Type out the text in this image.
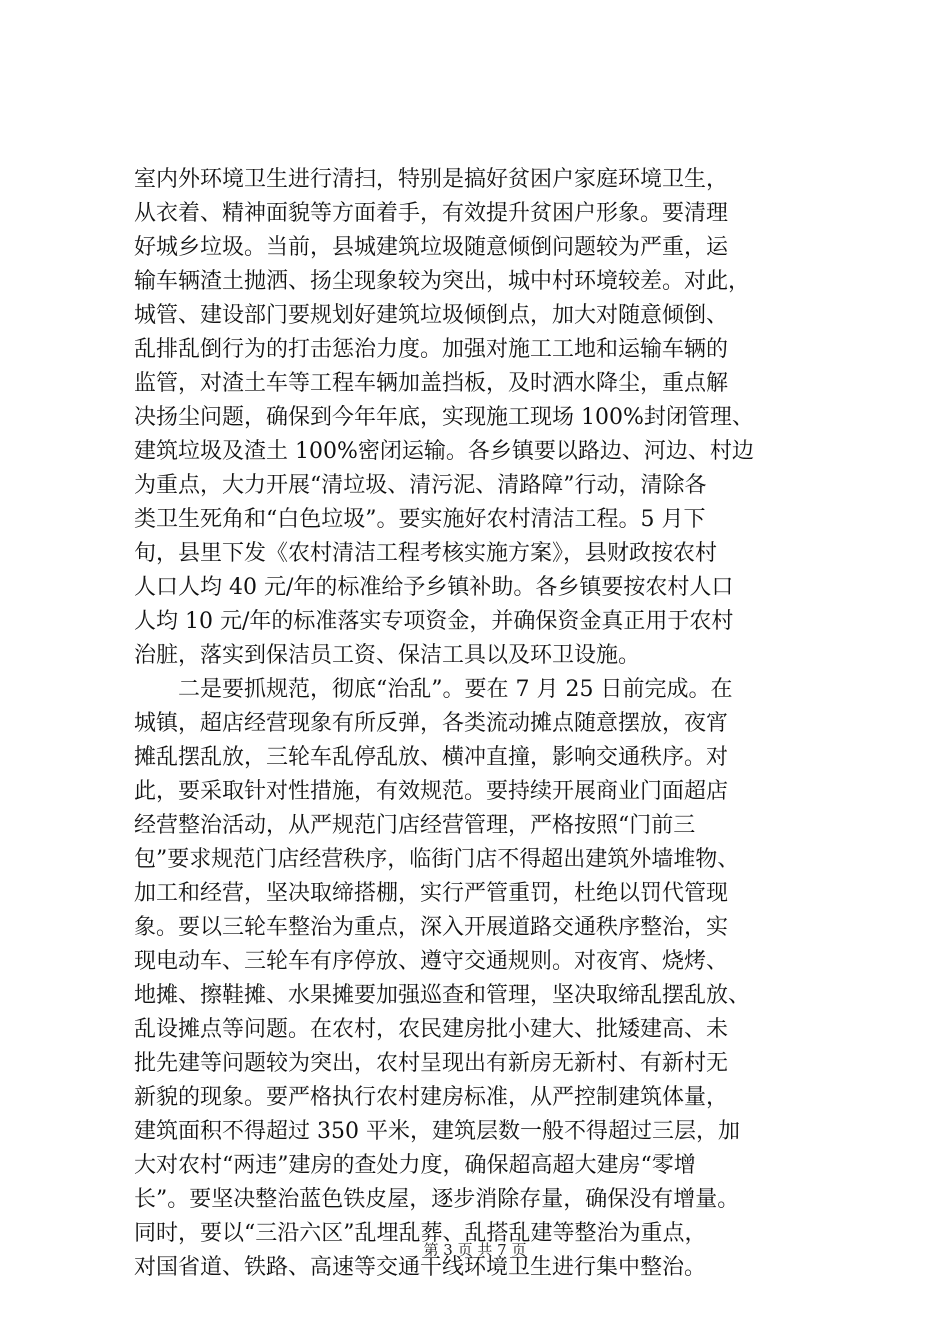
室内外环境卫生进行清扫，特别是搞好贫困户家庭环境卫生，
从衣着、精神面貌等方面着手，有效提升贫困户形象。要清理
好城乡垃圾。当前，县城建筑垃圾随意倾倒问题较为严重，运
输车辆渣土抛洒、扬尘现象较为突出，城中村环境较差。对此，
城管、建设部门要规划好建筑垃圾倾倒点，加大对随意倾倒、
乱排乱倒行为的打击惩治力度。加强对施工工地和运输车辆的
监管，对渣土车等工程车辆加盖挡板，及时洒水降尘，重点解
决扬尘问题，确保到今年年底，实现施工现场 100%封闭管理、
建筑垃圾及渣土 100%密闭运输。各乡镇要以路边、河边、村边
为重点，大力开展“清垃圾、清污泥、清路障”行动，清除各
类卫生死角和“白色垃圾”。要实施好农村清洁工程。5 月下
旬，县里下发《农村清洁工程考核实施方案》，县财政按农村
人口人均 40 元/年的标准给予乡镇补助。各乡镇要按农村人口
人均 10 元/年的标准落实专项资金，并确保资金真正用于农村
治脏，落实到保洁员工资、保洁工具以及环卫设施。
　　二是要抓规范，彻底“治乱”。要在 7 月 25 日前完成。在
城镇，超店经营现象有所反弹，各类流动摊点随意摆放，夜宵
摊乱摆乱放，三轮车乱停乱放、横冲直撞，影响交通秩序。对
此，要采取针对性措施，有效规范。要持续开展商业门面超店
经营整治活动，从严规范门店经营管理，严格按照“门前三
包”要求规范门店经营秩序，临街门店不得超出建筑外墙堆物、
加工和经营，坚决取缔搭棚，实行严管重罚，杜绝以罚代管现
象。要以三轮车整治为重点，深入开展道路交通秩序整治，实
现电动车、三轮车有序停放、遵守交通规则。对夜宵、烧烤、
地摊、擦鞋摊、水果摊要加强巡查和管理，坚决取缔乱摆乱放、
乱设摊点等问题。在农村，农民建房批小建大、批矮建高、未
批先建等问题较为突出，农村呈现出有新房无新村、有新村无
新貌的现象。要严格执行农村建房标准，从严控制建筑体量，
建筑面积不得超过 350 平米，建筑层数一般不得超过三层，加
大对农村“两违”建房的查处力度，确保超高超大建房“零增
长”。要坚决整治蓝色铁皮屋，逐步消除存量，确保没有增量。
同时，要以“三沿六区”乱埋乱葬、乱搭乱建等整治为重点，
对国省道、铁路、高速等交通干线环境卫生进行集中整治。
第 3 页 共 7 页
